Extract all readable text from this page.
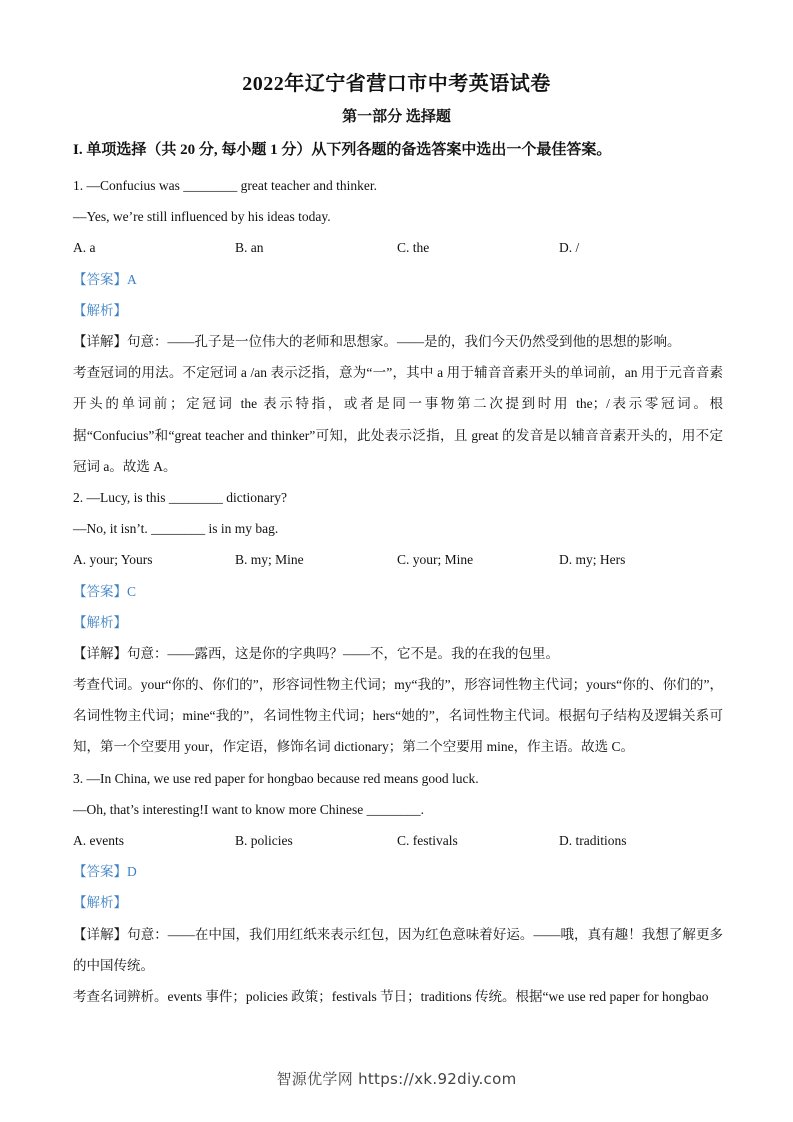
2022年辽宁省营口市中考英语试卷
第一部分 选择题
I. 单项选择（共 20 分, 每小题 1 分）从下列各题的备选答案中选出一个最佳答案。
1. —Confucius was ________ great teacher and thinker.
—Yes, we’re still influenced by his ideas today.
A. a	B. an	C. the	D. /
【答案】A
【解析】
【详解】句意：——孔子是一位伟大的老师和思想家。——是的，我们今天仍然受到他的思想的影响。
考查冠词的用法。不定冠词 a /an 表示泛指，意为“一”，其中 a 用于辅音音素开头的单词前，an 用于元音音素开头的单词前；定冠词 the 表示特指，或者是同一事物第二次提到时用 the；/表示零冠词。根据“Confucius”和“great teacher and thinker”可知，此处表示泛指，且 great 的发音是以辅音音素开头的，用不定冠词 a。故选 A。
2. —Lucy, is this ________ dictionary?
—No, it isn’t. ________ is in my bag.
A. your; Yours	B. my; Mine	C. your; Mine	D. my; Hers
【答案】C
【解析】
【详解】句意：——露西，这是你的字典吗？——不，它不是。我的在我的包里。
考查代词。your“你的、你们的”，形容词性物主代词；my“我的”，形容词性物主代词；yours“你的、你们的”，名词性物主代词；mine“我的”，名词性物主代词；hers“她的”，名词性物主代词。根据句子结构及逻辑关系可知，第一个空要用 your，作定语，修饰名词 dictionary；第二个空要用 mine，作主语。故选 C。
3. —In China, we use red paper for hongbao because red means good luck.
—Oh, that’s interesting!I want to know more Chinese ________.
A. events	B. policies	C. festivals	D. traditions
【答案】D
【解析】
【详解】句意：——在中国，我们用红纸来表示红包，因为红色意味着好运。——哦，真有趣！我想了解更多的中国传统。
考查名词辨析。events 事件；policies 政策；festivals 节日；traditions 传统。根据“we use red paper for hongbao
智源优学网 https://xk.92diy.com
